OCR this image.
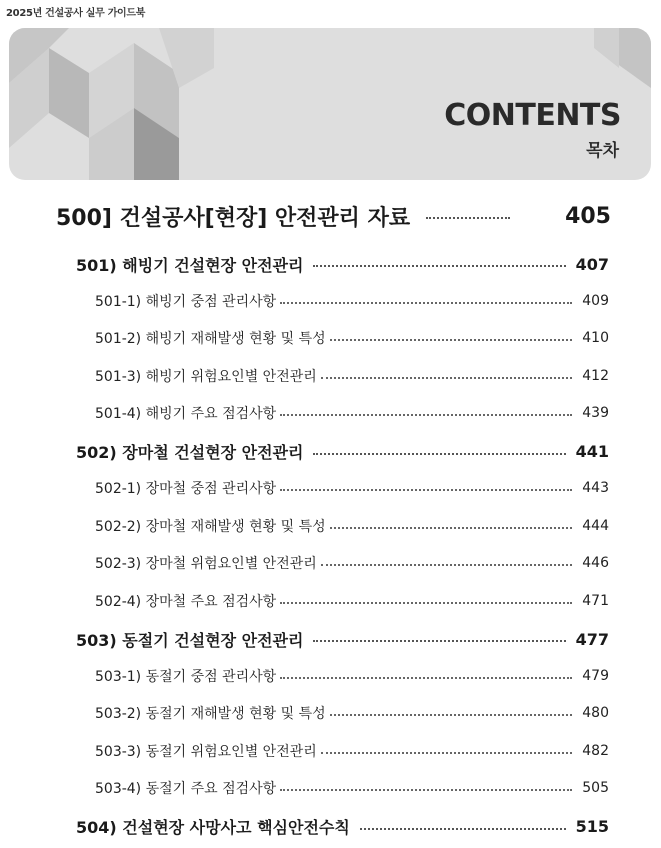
2025년 건설공사 실무 가이드북
CONTENTS
목차
500] 건설공사[현장] 안전관리 자료	405
501) 해빙기 건설현장 안전관리	407
501-1) 해빙기 중점 관리사항	409
501-2) 해빙기 재해발생 현황 및 특성	410
501-3) 해빙기 위험요인별 안전관리	412
501-4) 해빙기 주요 점검사항	439
502) 장마철 건설현장 안전관리	441
502-1) 장마철 중점 관리사항	443
502-2) 장마철 재해발생 현황 및 특성	444
502-3) 장마철 위험요인별 안전관리	446
502-4) 장마철 주요 점검사항	471
503) 동절기 건설현장 안전관리	477
503-1) 동절기 중점 관리사항	479
503-2) 동절기 재해발생 현황 및 특성	480
503-3) 동절기 위험요인별 안전관리	482
503-4) 동절기 주요 점검사항	505
504) 건설현장 사망사고 핵심안전수칙	515
